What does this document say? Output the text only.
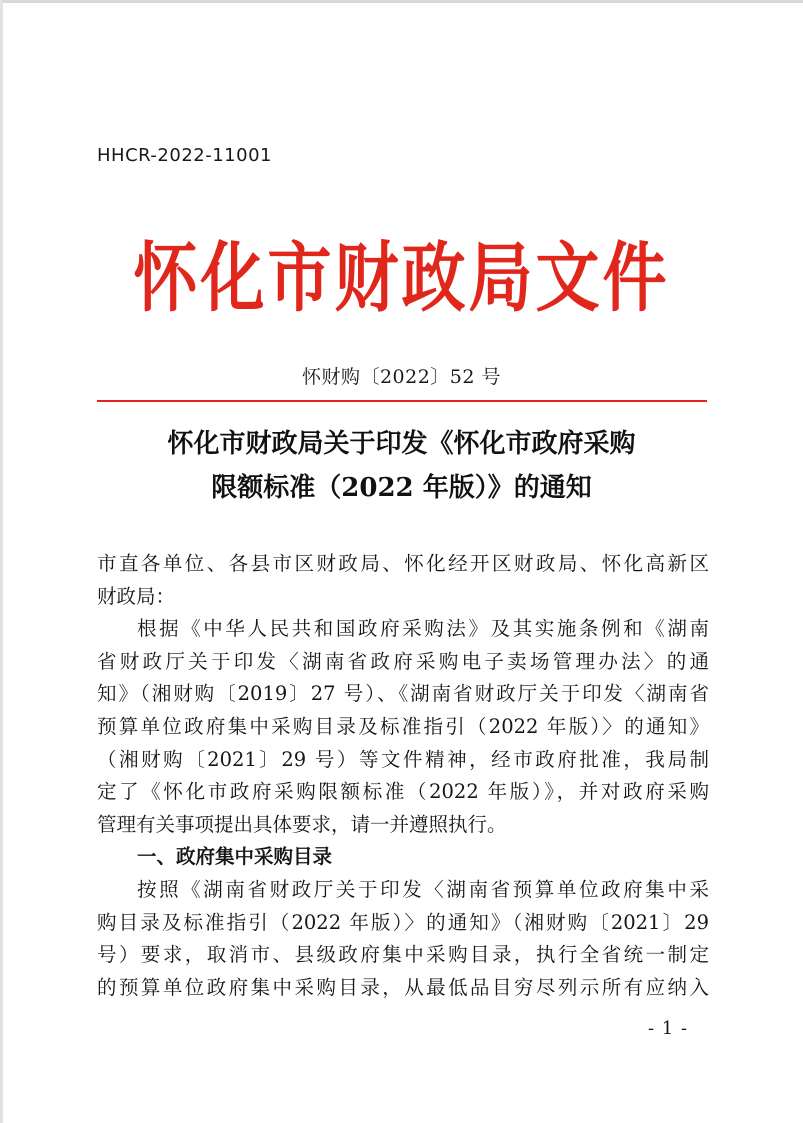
HHCR-2022-11001
怀化市财政局文件
怀财购〔2022〕52 号
怀化市财政局关于印发《怀化市政府采购
限额标准（2022 年版）》的通知

市直各单位、各县市区财政局、怀化经开区财政局、怀化高新区

财政局：

根据《中华人民共和国政府采购法》及其实施条例和《湖南

省财政厅关于印发〈湖南省政府采购电子卖场管理办法〉的通

知》（湘财购〔2019〕27 号）、《湖南省财政厅关于印发〈湖南省

预算单位政府集中采购目录及标准指引（2022 年版）〉的通知》

（湘财购〔2021〕29 号）等文件精神，经市政府批准，我局制

定了《怀化市政府采购限额标准（2022 年版）》，并对政府采购

管理有关事项提出具体要求，请一并遵照执行。

一、政府集中采购目录

按照《湖南省财政厅关于印发〈湖南省预算单位政府集中采

购目录及标准指引（2022 年版）〉的通知》（湘财购〔2021〕29

号）要求，取消市、县级政府集中采购目录，执行全省统一制定

的预算单位政府集中采购目录，从最低品目穷尽列示所有应纳入

- 1 -
